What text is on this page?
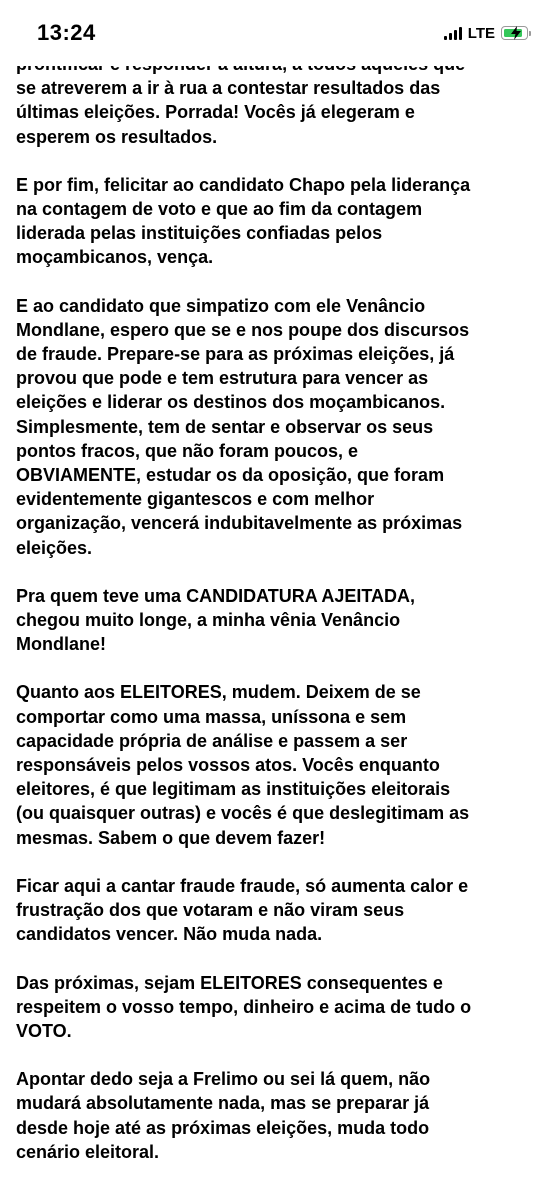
13:24	LTE

se atreverem a ir à rua a contestar resultados das
últimas eleições. Porrada! Vocês já elegeram e
esperem os resultados.

E por fim, felicitar ao candidato Chapo pela liderança
na contagem de voto e que ao fim da contagem
liderada pelas instituições confiadas pelos
moçambicanos, vença.

E ao candidato que simpatizo com ele Venâncio
Mondlane, espero que se e nos poupe dos discursos
de fraude. Prepare-se para as próximas eleições, já
provou que pode e tem estrutura para vencer as
eleições e liderar os destinos dos moçambicanos.
Simplesmente, tem de sentar e observar os seus
pontos fracos, que não foram poucos, e
OBVIAMENTE, estudar os da oposição, que foram
evidentemente gigantescos e com melhor
organização, vencerá indubitavelmente as próximas
eleições.

Pra quem teve uma CANDIDATURA AJEITADA,
chegou muito longe, a minha vênia Venâncio
Mondlane!

Quanto aos ELEITORES, mudem. Deixem de se
comportar como uma massa, uníssona e sem
capacidade própria de análise e passem a ser
responsáveis pelos vossos atos. Vocês enquanto
eleitores, é que legitimam as instituições eleitorais
(ou quaisquer outras) e vocês é que deslegitimam as
mesmas. Sabem o que devem fazer!

Ficar aqui a cantar fraude fraude, só aumenta calor e
frustração dos que votaram e não viram seus
candidatos vencer. Não muda nada.

Das próximas, sejam ELEITORES consequentes e
respeitem o vosso tempo, dinheiro e acima de tudo o
VOTO.

Apontar dedo seja a Frelimo ou sei lá quem, não
mudará absolutamente nada, mas se preparar já
desde hoje até as próximas eleições, muda todo
cenário eleitoral.
